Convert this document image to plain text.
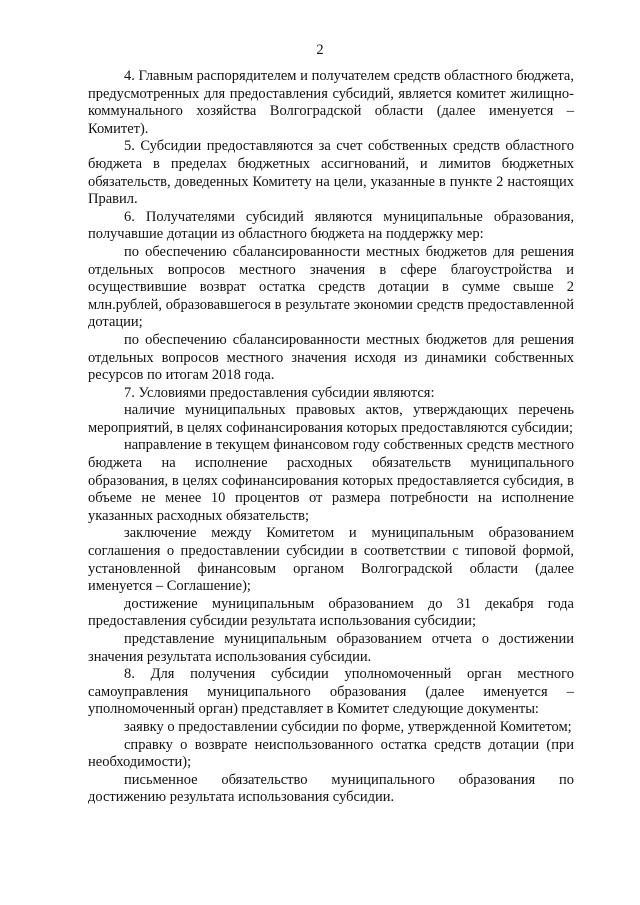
2

4. Главным распорядителем и получателем средств областного бюджета, предусмотренных для предоставления субсидий, является комитет жилищно-коммунального хозяйства Волгоградской области (далее именуется – Комитет).

5. Субсидии предоставляются за счет собственных средств областного бюджета в пределах бюджетных ассигнований, и лимитов бюджетных обязательств, доведенных Комитету на цели, указанные в пункте 2 настоящих Правил.

6. Получателями субсидий являются муниципальные образования, получавшие дотации из областного бюджета на поддержку мер:

по обеспечению сбалансированности местных бюджетов для решения отдельных вопросов местного значения в сфере благоустройства и осуществившие возврат остатка средств дотации в сумме свыше 2 млн.рублей, образовавшегося в результате экономии средств предоставленной дотации;

по обеспечению сбалансированности местных бюджетов для решения отдельных вопросов местного значения исходя из динамики собственных ресурсов по итогам 2018 года.

7. Условиями предоставления субсидии являются:

наличие муниципальных правовых актов, утверждающих перечень мероприятий, в целях софинансирования которых предоставляются субсидии;

направление в текущем финансовом году собственных средств местного бюджета на исполнение расходных обязательств муниципального образования, в целях софинансирования которых предоставляется субсидия, в объеме не менее 10 процентов от размера потребности на исполнение указанных расходных обязательств;

заключение между Комитетом и муниципальным образованием соглашения о предоставлении субсидии в соответствии с типовой формой, установленной финансовым органом Волгоградской области (далее именуется – Соглашение);

достижение муниципальным образованием до 31 декабря года предоставления субсидии результата использования субсидии;

представление муниципальным образованием отчета о достижении значения результата использования субсидии.

8. Для получения субсидии уполномоченный орган местного самоуправления муниципального образования (далее именуется – уполномоченный орган) представляет в Комитет следующие документы:

заявку о предоставлении субсидии по форме, утвержденной Комитетом;

справку о возврате неиспользованного остатка средств дотации (при необходимости);

письменное обязательство муниципального образования по достижению результата использования субсидии.
